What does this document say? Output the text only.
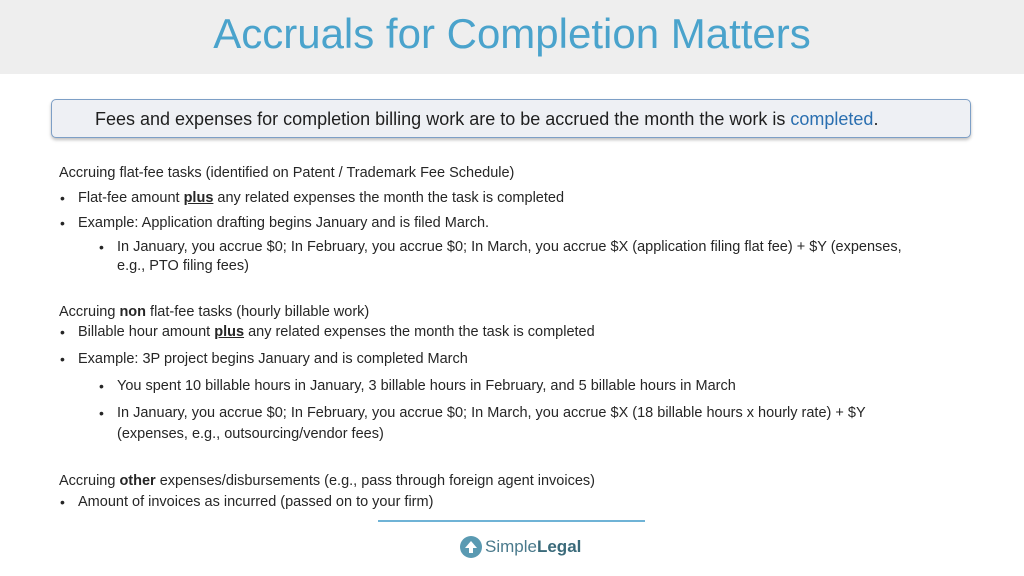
Accruals for Completion Matters
Fees and expenses for completion billing work are to be accrued the month the work is completed.
Accruing flat-fee tasks (identified on Patent / Trademark Fee Schedule)
• Flat-fee amount plus any related expenses the month the task is completed
• Example: Application drafting begins January and is filed March.
• In January, you accrue $0; In February, you accrue $0; In March, you accrue $X (application filing flat fee) + $Y (expenses,
e.g., PTO filing fees)
Accruing non flat-fee tasks (hourly billable work)
• Billable hour amount plus any related expenses the month the task is completed
• Example: 3P project begins January and is completed March
• You spent 10 billable hours in January, 3 billable hours in February, and 5 billable hours in March
• In January, you accrue $0; In February, you accrue $0; In March, you accrue $X (18 billable hours x hourly rate) + $Y
(expenses, e.g., outsourcing/vendor fees)
Accruing other expenses/disbursements (e.g., pass through foreign agent invoices)
• Amount of invoices as incurred (passed on to your firm)
SimpleLegal
